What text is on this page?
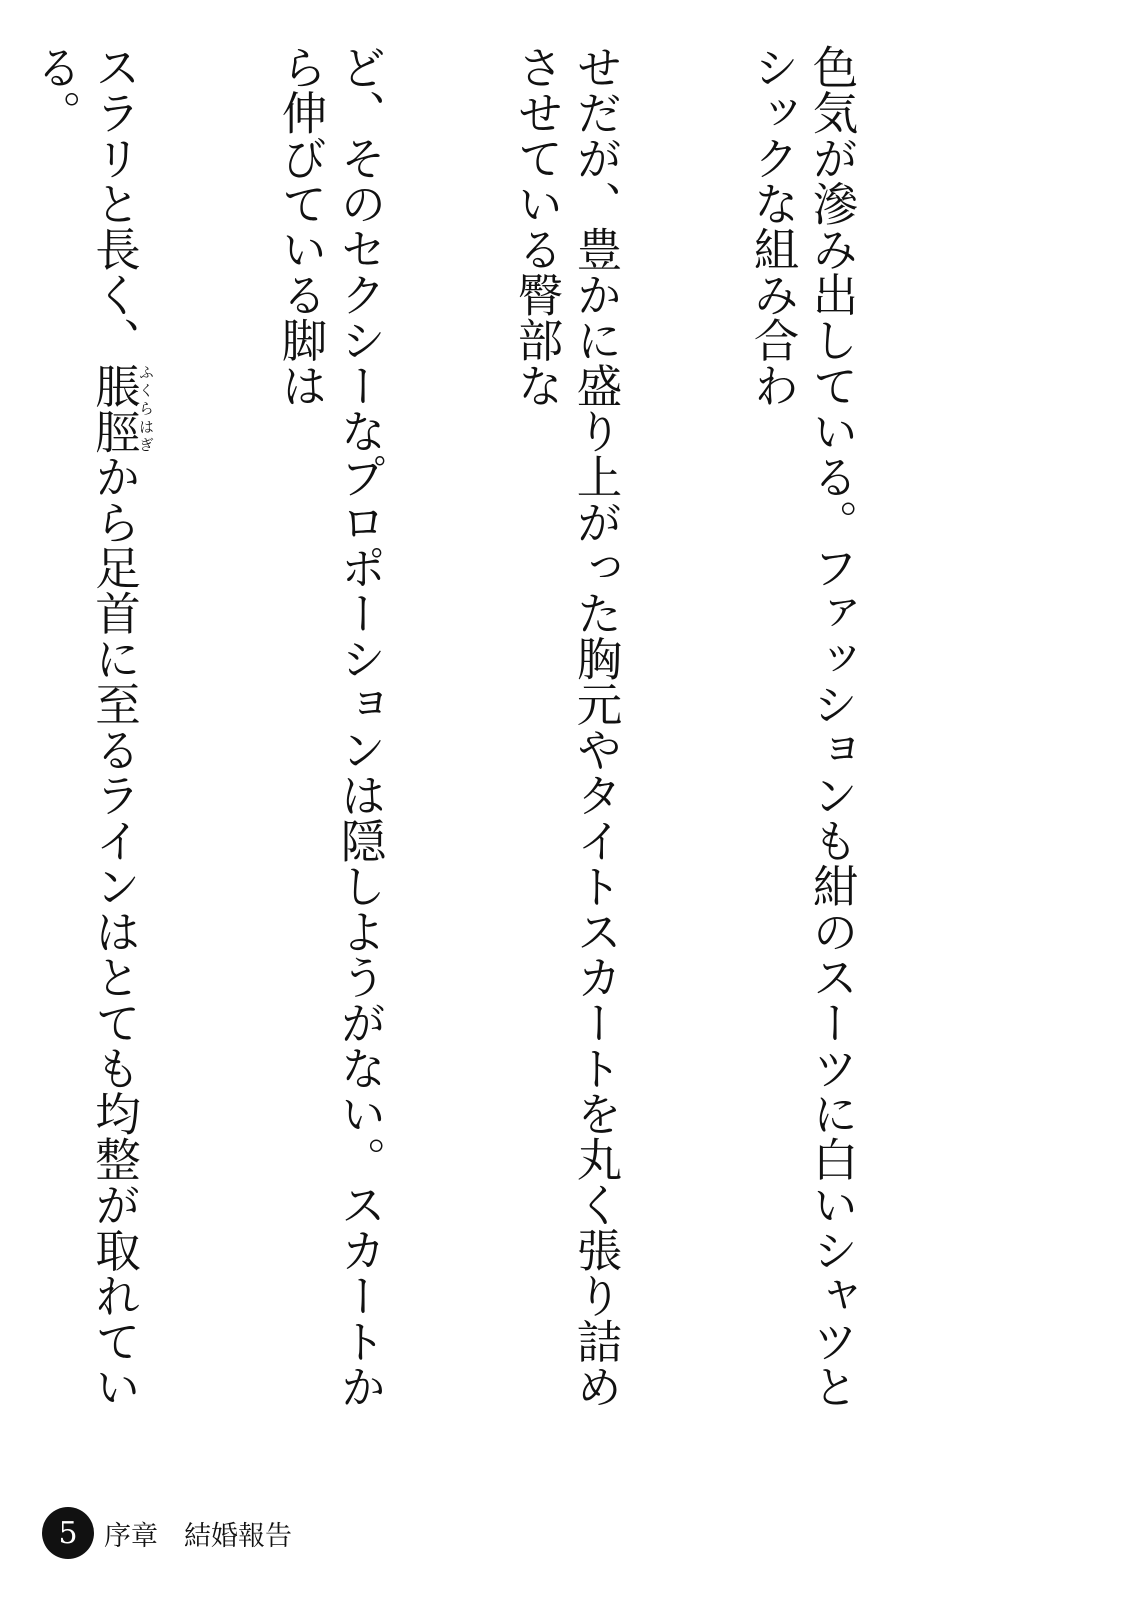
色気が滲み出している。ファッションも紺のスーツに白いシャツとシックな組み合わ

せだが、豊かに盛り上がった胸元やタイトスカートを丸く張り詰めさせている臀部な

ど、そのセクシーなプロポーションは隠しようがない。スカートから伸びている脚は

スラリと長く、脹脛ふくらはぎから足首に至るラインはとても均整が取れている。

5 序章 結婚報告
